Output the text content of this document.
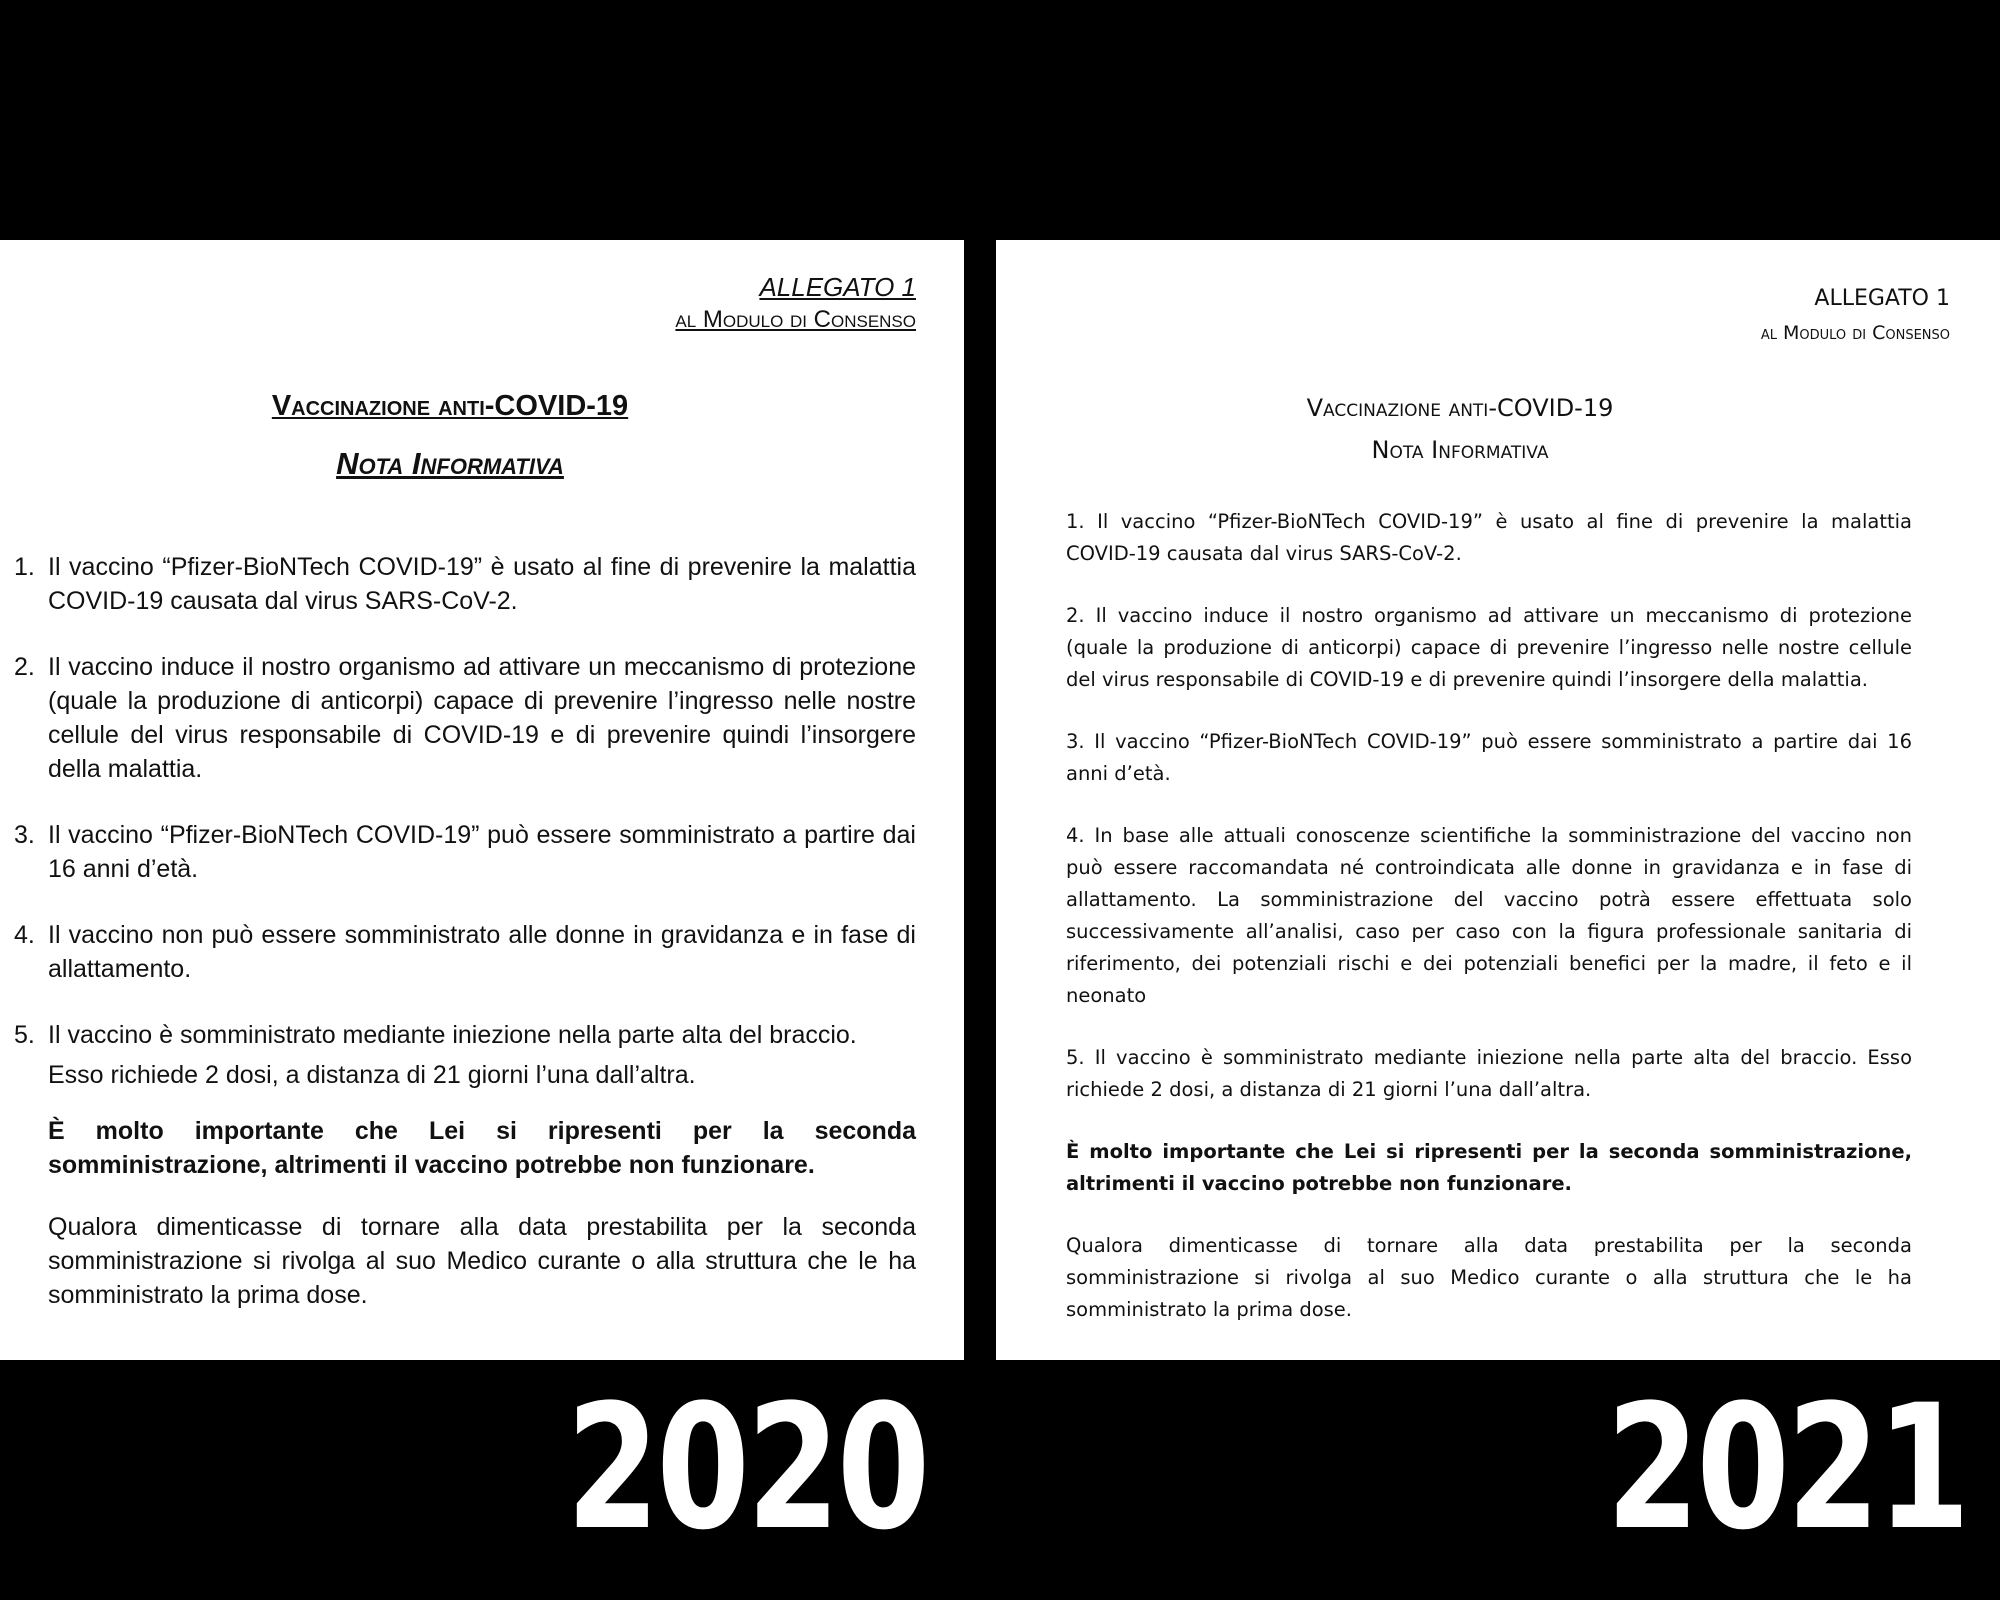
ALLEGATO 1
al Modulo di Consenso
Vaccinazione anti-COVID-19
Nota Informativa
1. Il vaccino “Pfizer-BioNTech COVID-19” è usato al fine di prevenire la malattia COVID-19 causata dal virus SARS-CoV-2.
2. Il vaccino induce il nostro organismo ad attivare un meccanismo di protezione (quale la produzione di anticorpi) capace di prevenire l’ingresso nelle nostre cellule del virus responsabile di COVID-19 e di prevenire quindi l’insorgere della malattia.
3. Il vaccino “Pfizer-BioNTech COVID-19” può essere somministrato a partire dai 16 anni d’età.
4. Il vaccino non può essere somministrato alle donne in gravidanza e in fase di allattamento.
5. Il vaccino è somministrato mediante iniezione nella parte alta del braccio.
Esso richiede 2 dosi, a distanza di 21 giorni l’una dall’altra.
È molto importante che Lei si ripresenti per la seconda somministrazione, altrimenti il vaccino potrebbe non funzionare.
Qualora dimenticasse di tornare alla data prestabilita per la seconda somministrazione si rivolga al suo Medico curante o alla struttura che le ha somministrato la prima dose.
ALLEGATO 1
al Modulo di Consenso
Vaccinazione anti-COVID-19
Nota Informativa
1. Il vaccino “Pfizer-BioNTech COVID-19” è usato al fine di prevenire la malattia COVID-19 causata dal virus SARS-CoV-2.
2. Il vaccino induce il nostro organismo ad attivare un meccanismo di protezione (quale la produzione di anticorpi) capace di prevenire l’ingresso nelle nostre cellule del virus responsabile di COVID-19 e di prevenire quindi l’insorgere della malattia.
3. Il vaccino “Pfizer-BioNTech COVID-19” può essere somministrato a partire dai 16 anni d’età.
4. In base alle attuali conoscenze scientifiche la somministrazione del vaccino non può essere raccomandata né controindicata alle donne in gravidanza e in fase di allattamento. La somministrazione del vaccino potrà essere effettuata solo successivamente all’analisi, caso per caso con la figura professionale sanitaria di riferimento, dei potenziali rischi e dei potenziali benefici per la madre, il feto e il neonato
5. Il vaccino è somministrato mediante iniezione nella parte alta del braccio. Esso richiede 2 dosi, a distanza di 21 giorni l’una dall’altra.
È molto importante che Lei si ripresenti per la seconda somministrazione, altrimenti il vaccino potrebbe non funzionare.
Qualora dimenticasse di tornare alla data prestabilita per la seconda somministrazione si rivolga al suo Medico curante o alla struttura che le ha somministrato la prima dose.
2020	2021
